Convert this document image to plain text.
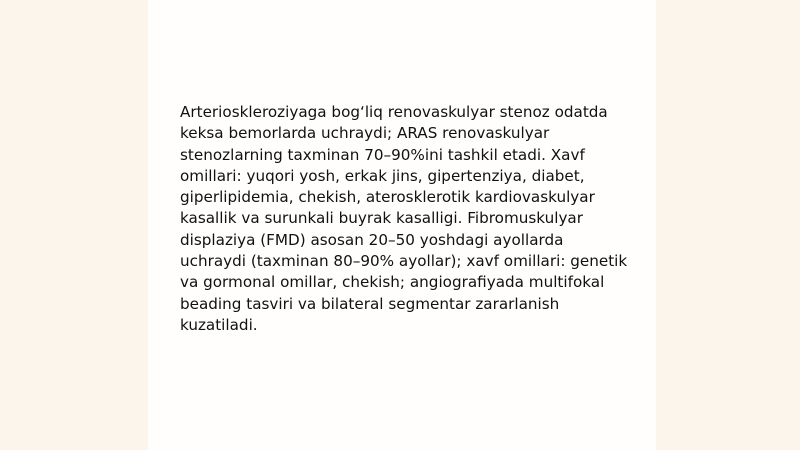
Arterioskleroziyaga bog‘liq renovaskulyar stenoz odatda keksa bemorlarda uchraydi; ARAS renovaskulyar stenozlarning taxminan 70–90%ini tashkil etadi. Xavf omillari: yuqori yosh, erkak jins, gipertenziya, diabet, giperlipidemia, chekish, aterosklerotik kardiovaskulyar kasallik va surunkali buyrak kasalligi. Fibromuskulyar displaziya (FMD) asosan 20–50 yoshdagi ayollarda uchraydi (taxminan 80–90% ayollar); xavf omillari: genetik va gormonal omillar, chekish; angiografiyada multifokal beading tasviri va bilateral segmentar zararlanish kuzatiladi.
